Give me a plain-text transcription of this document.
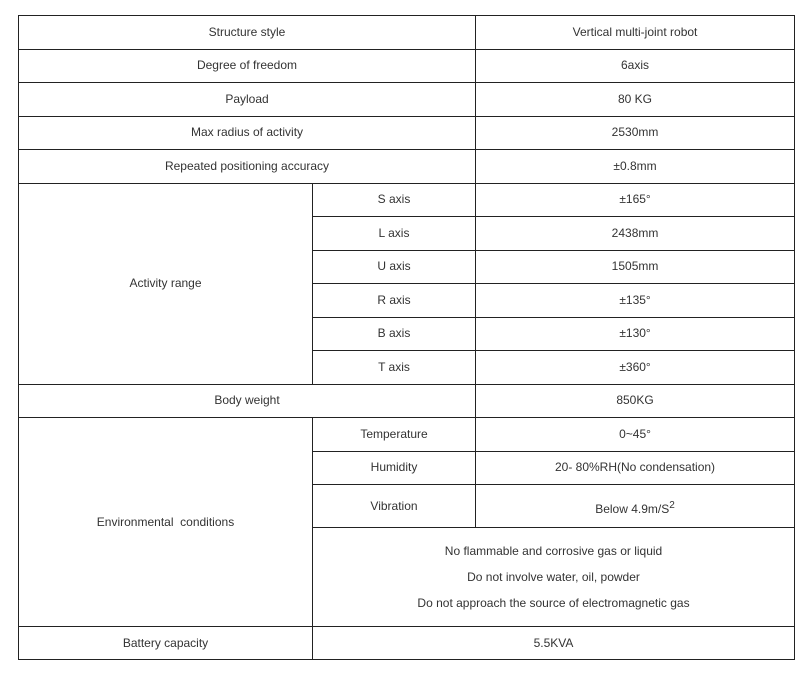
Structure style		Vertical multi-joint robot
Degree of freedom		6axis
Payload		80 KG
Max radius of activity		2530mm
Repeated positioning accuracy		±0.8mm
Activity range	S axis	±165°
	L axis	2438mm
	U axis	1505mm
	R axis	±135°
	B axis	±130°
	T axis	±360°
Body weight		850KG
Environmental  conditions	Temperature	0~45°
	Humidity	20- 80%RH(No condensation)
	Vibration	Below $4.9m/S^2$

	No flammable and corrosive gas or liquid
Do not involve water, oil, powder
Do not approach the source of electromagnetic gas	

Battery capacity	5.5KVA	
